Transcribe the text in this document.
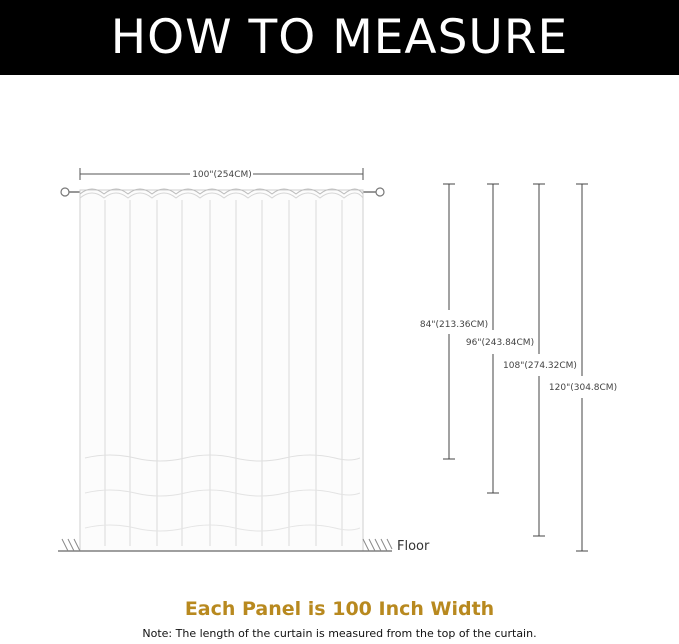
HOW TO MEASURE
100"(254CM)
Floor
84"(213.36CM)
96"(243.84CM)
108"(274.32CM)
120"(304.8CM)
Each Panel is 100 Inch Width
Note: The length of the curtain is measured from the top of the curtain.
